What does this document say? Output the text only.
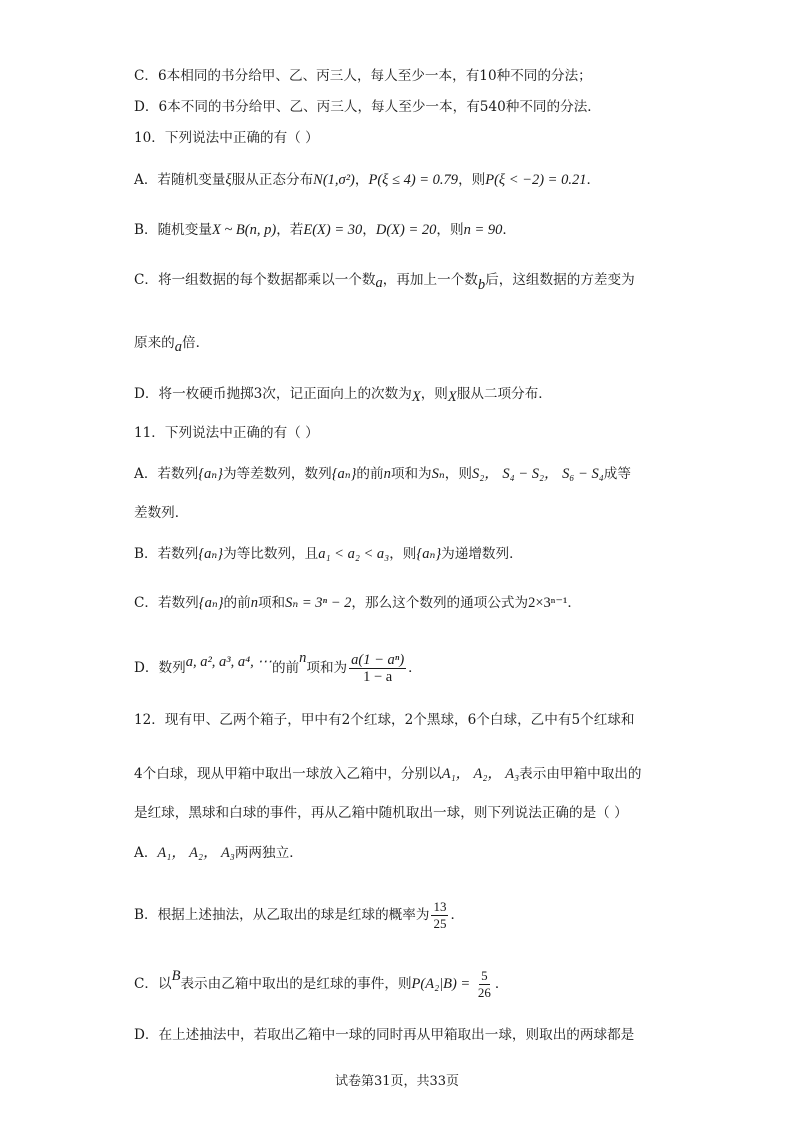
C．6本相同的书分给甲、乙、丙三人，每人至少一本，有10种不同的分法；
D．6本不同的书分给甲、乙、丙三人，每人至少一本，有540种不同的分法．
10．下列说法中正确的有（ ）
A．若随机变量ξ服从正态分布N(1,σ²)，P(ξ ≤ 4) = 0.79，则P(ξ < −2) = 0.21．
B．随机变量X ~ B(n, p)，若E(X) = 30，D(X) = 20，则n = 90．
C．将一组数据的每个数据都乘以一个数a，再加上一个数b后，这组数据的方差变为
原来的a倍．
D．将一枚硬币抛掷3次，记正面向上的次数为X，则X服从二项分布．
11．下列说法中正确的有（ ）
A．若数列{aₙ}为等差数列，数列{aₙ}的前n项和为Sₙ，则S₂， S₄ − S₂， S₆ − S₄成等
差数列．
B．若数列{aₙ}为等比数列，且a₁ < a₂ < a₃，则{aₙ}为递增数列．
C．若数列{aₙ}的前n项和Sₙ = 3ⁿ − 2，那么这个数列的通项公式为2×3ⁿ⁻¹．
D．数列a, a², a³, a⁴, ⋯的前n项和为 $\frac{\text{a(1 − aⁿ)}}{1 - a}$ ．
12．现有甲、乙两个箱子，甲中有2个红球，2个黑球，6个白球，乙中有5个红球和
4个白球，现从甲箱中取出一球放入乙箱中，分别以A₁， A₂， A₃表示由甲箱中取出的
是红球，黑球和白球的事件，再从乙箱中随机取出一球，则下列说法正确的是（ ）
A．A₁， A₂， A₃两两独立．
B．根据上述抽法，从乙取出的球是红球的概率为 $\frac{13}{25}$ ．
C．以B表示由乙箱中取出的是红球的事件，则$P(A_2|B) = \frac{5}{26}$ ．
D．在上述抽法中，若取出乙箱中一球的同时再从甲箱取出一球，则取出的两球都是
试卷第31页，共33页
